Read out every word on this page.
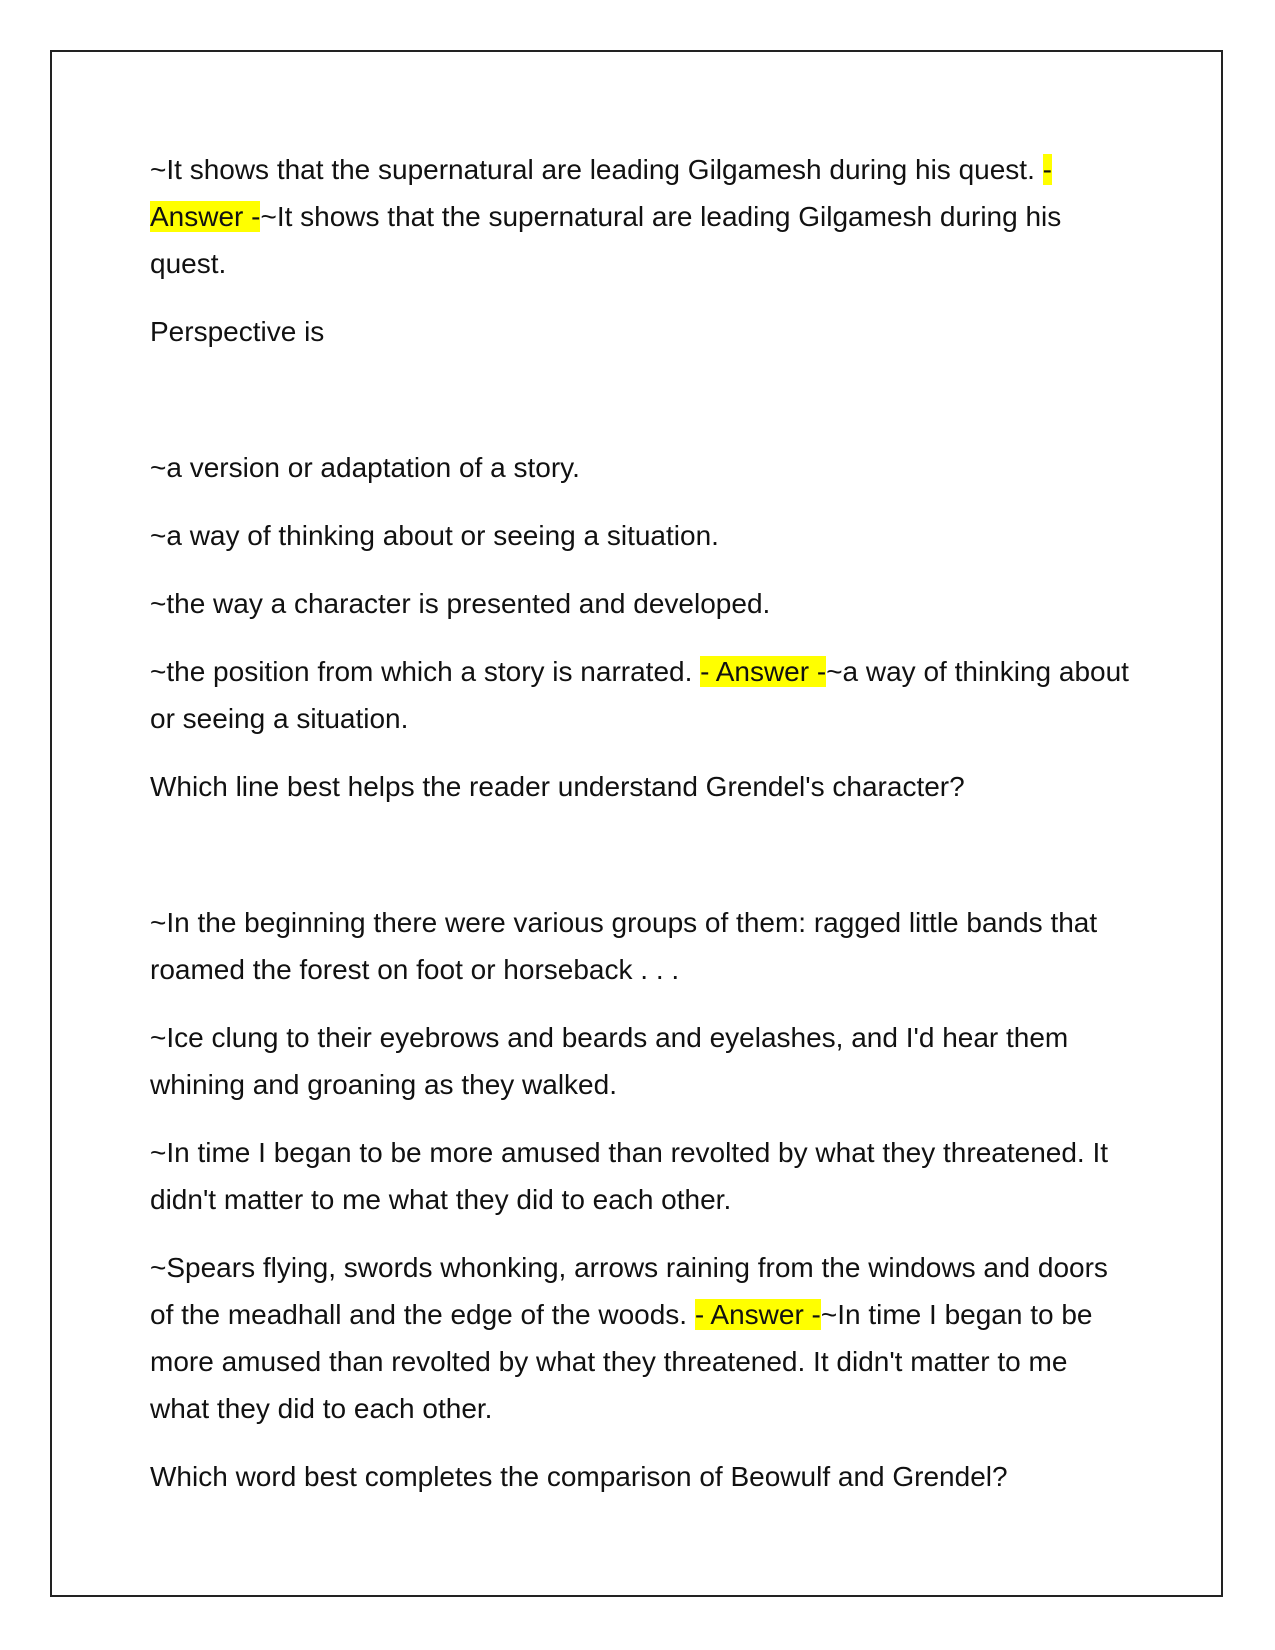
~It shows that the supernatural are leading Gilgamesh during his quest. - Answer -~It shows that the supernatural are leading Gilgamesh during his quest.

Perspective is

~a version or adaptation of a story.

~a way of thinking about or seeing a situation.

~the way a character is presented and developed.

~the position from which a story is narrated. - Answer -~a way of thinking about or seeing a situation.

Which line best helps the reader understand Grendel's character?

~In the beginning there were various groups of them: ragged little bands that roamed the forest on foot or horseback . . .

~Ice clung to their eyebrows and beards and eyelashes, and I'd hear them whining and groaning as they walked.

~In time I began to be more amused than revolted by what they threatened. It didn't matter to me what they did to each other.

~Spears flying, swords whonking, arrows raining from the windows and doors of the meadhall and the edge of the woods. - Answer -~In time I began to be more amused than revolted by what they threatened. It didn't matter to me what they did to each other.

Which word best completes the comparison of Beowulf and Grendel?
